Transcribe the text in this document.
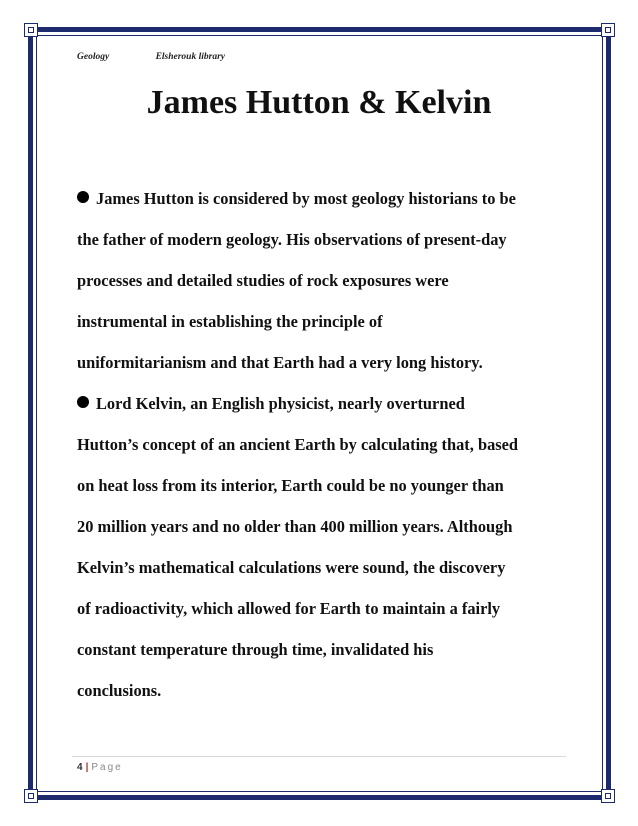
Geology	Elsherouk library
James Hutton & Kelvin
James Hutton is considered by most geology historians to be
the father of modern geology. His observations of present-day
processes and detailed studies of rock exposures were
instrumental in establishing the principle of
uniformitarianism and that Earth had a very long history.
Lord Kelvin, an English physicist, nearly overturned
Hutton’s concept of an ancient Earth by calculating that, based
on heat loss from its interior, Earth could be no younger than
20 million years and no older than 400 million years. Although
Kelvin’s mathematical calculations were sound, the discovery
of radioactivity, which allowed for Earth to maintain a fairly
constant temperature through time, invalidated his
conclusions.
4 | Page
